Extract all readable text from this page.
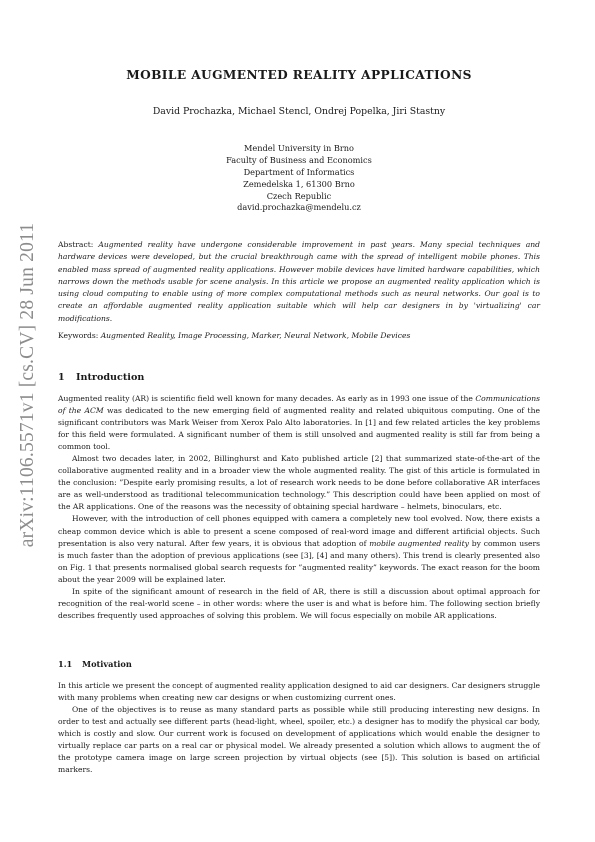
arXiv:1106.5571v1 [cs.CV] 28 Jun 2011
MOBILE AUGMENTED REALITY APPLICATIONS
David Prochazka, Michael Stencl, Ondrej Popelka, Jiri Stastny
Mendel University in Brno
Faculty of Business and Economics
Department of Informatics
Zemedelska 1, 61300 Brno
Czech Republic
david.prochazka@mendelu.cz
Abstract: Augmented reality have undergone considerable improvement in past years. Many special techniques and hardware devices were developed, but the crucial breakthrough came with the spread of intelligent mobile phones. This enabled mass spread of augmented reality applications. However mobile devices have limited hardware capabilities, which narrows down the methods usable for scene analysis. In this article we propose an augmented reality application which is using cloud computing to enable using of more complex computational methods such as neural networks. Our goal is to create an affordable augmented reality application suitable which will help car designers in by 'virtualizing' car modifications.
Keywords: Augmented Reality, Image Processing, Marker, Neural Network, Mobile Devices
1 Introduction

Augmented reality (AR) is scientific field well known for many decades. As early as in 1993 one issue of the Communications of the ACM was dedicated to the new emerging field of augmented reality and related ubiquitous computing. One of the significant contributors was Mark Weiser from Xerox Palo Alto laboratories. In [1] and few related articles the key problems for this field were formulated. A significant number of them is still unsolved and augmented reality is still far from being a common tool.

Almost two decades later, in 2002, Billinghurst and Kato published article [2] that summarized state-of-the-art of the collaborative augmented reality and in a broader view the whole augmented reality. The gist of this article is formulated in the conclusion: ”Despite early promising results, a lot of research work needs to be done before collaborative AR interfaces are as well-understood as traditional telecommunication technology.” This description could have been applied on most of the AR applications. One of the reasons was the necessity of obtaining special hardware – helmets, binoculars, etc.

However, with the introduction of cell phones equipped with camera a completely new tool evolved. Now, there exists a cheap common device which is able to present a scene composed of real-word image and different artificial objects. Such presentation is also very natural. After few years, it is obvious that adoption of mobile augmented reality by common users is much faster than the adoption of previous applications (see [3], [4] and many others). This trend is clearly presented also on Fig. 1 that presents normalised global search requests for ”augmented reality” keywords. The exact reason for the boom about the year 2009 will be explained later.

In spite of the significant amount of research in the field of AR, there is still a discussion about optimal approach for recognition of the real-world scene – in other words: where the user is and what is before him. The following section briefly describes frequently used approaches of solving this problem. We will focus especially on mobile AR applications.

1.1 Motivation

In this article we present the concept of augmented reality application designed to aid car designers. Car designers struggle with many problems when creating new car designs or when customizing current ones.

One of the objectives is to reuse as many standard parts as possible while still producing interesting new designs. In order to test and actually see different parts (head-light, wheel, spoiler, etc.) a designer has to modify the physical car body, which is costly and slow. Our current work is focused on development of applications which would enable the designer to virtually replace car parts on a real car or physical model. We already presented a solution which allows to augment the of the prototype camera image on large screen projection by virtual objects (see [5]). This solution is based on artificial markers.
